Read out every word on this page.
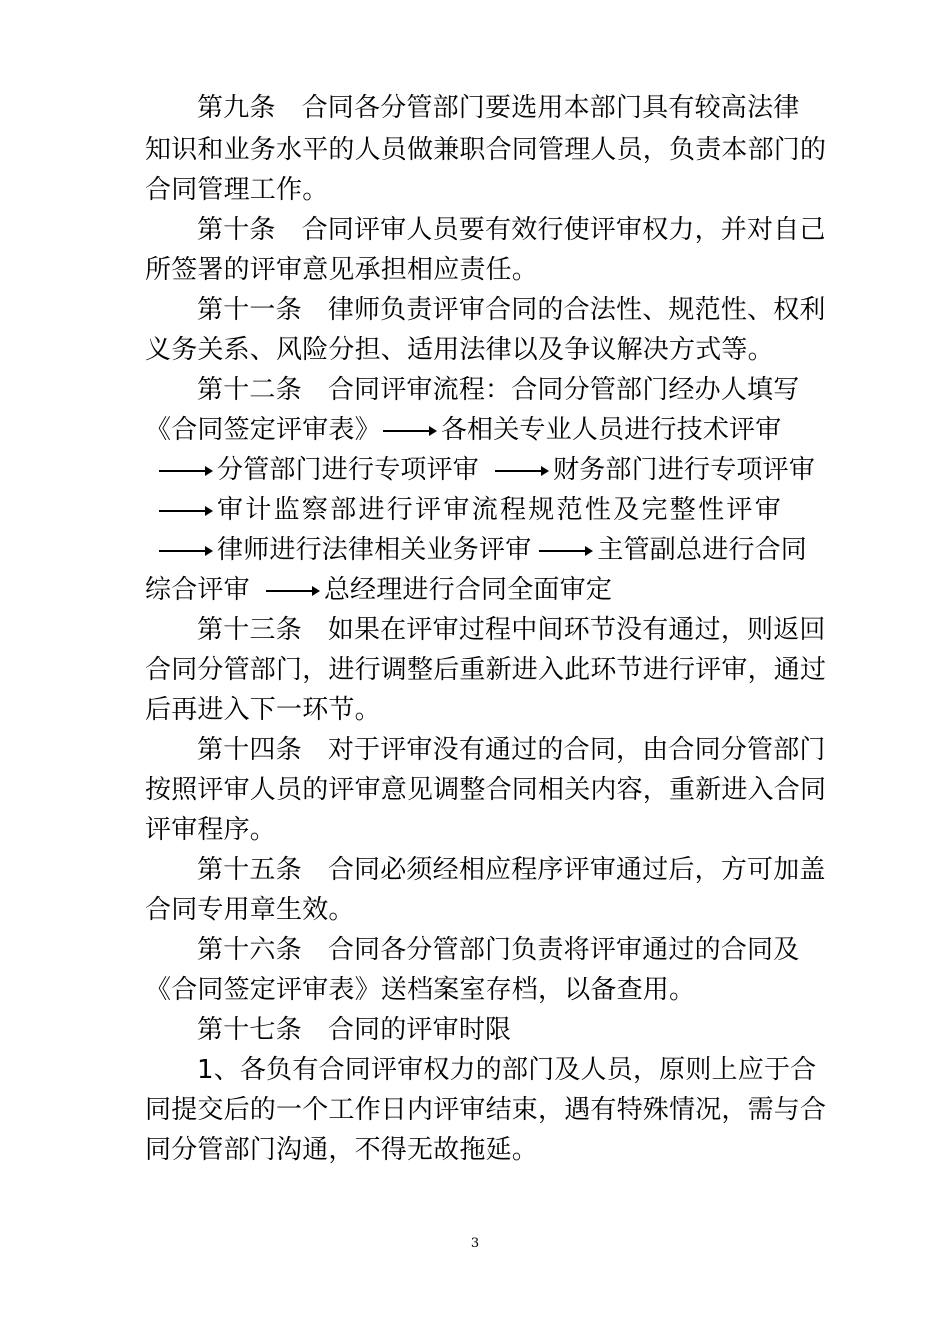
第九条 合同各分管部门要选用本部门具有较高法律
知识和业务水平的人员做兼职合同管理人员，负责本部门的
合同管理工作。
第十条 合同评审人员要有效行使评审权力，并对自己
所签署的评审意见承担相应责任。
第十一条 律师负责评审合同的合法性、规范性、权利
义务关系、风险分担、适用法律以及争议解决方式等。
第十二条 合同评审流程：合同分管部门经办人填写
《合同签定评审表》 各相关专业人员进行技术评审
分管部门进行专项评审	财务部门进行专项评审
审计监察部进行评审流程规范性及完整性评审
律师进行法律相关业务评审	主管副总进行合同
综合评审	总经理进行合同全面审定
第十三条 如果在评审过程中间环节没有通过，则返回
合同分管部门，进行调整后重新进入此环节进行评审，通过
后再进入下一环节。
第十四条 对于评审没有通过的合同，由合同分管部门
按照评审人员的评审意见调整合同相关内容，重新进入合同
评审程序。
第十五条 合同必须经相应程序评审通过后，方可加盖
合同专用章生效。
第十六条 合同各分管部门负责将评审通过的合同及
《合同签定评审表》送档案室存档，以备查用。
第十七条 合同的评审时限
1、各负有合同评审权力的部门及人员，原则上应于合
同提交后的一个工作日内评审结束，遇有特殊情况，需与合
同分管部门沟通，不得无故拖延。
3
